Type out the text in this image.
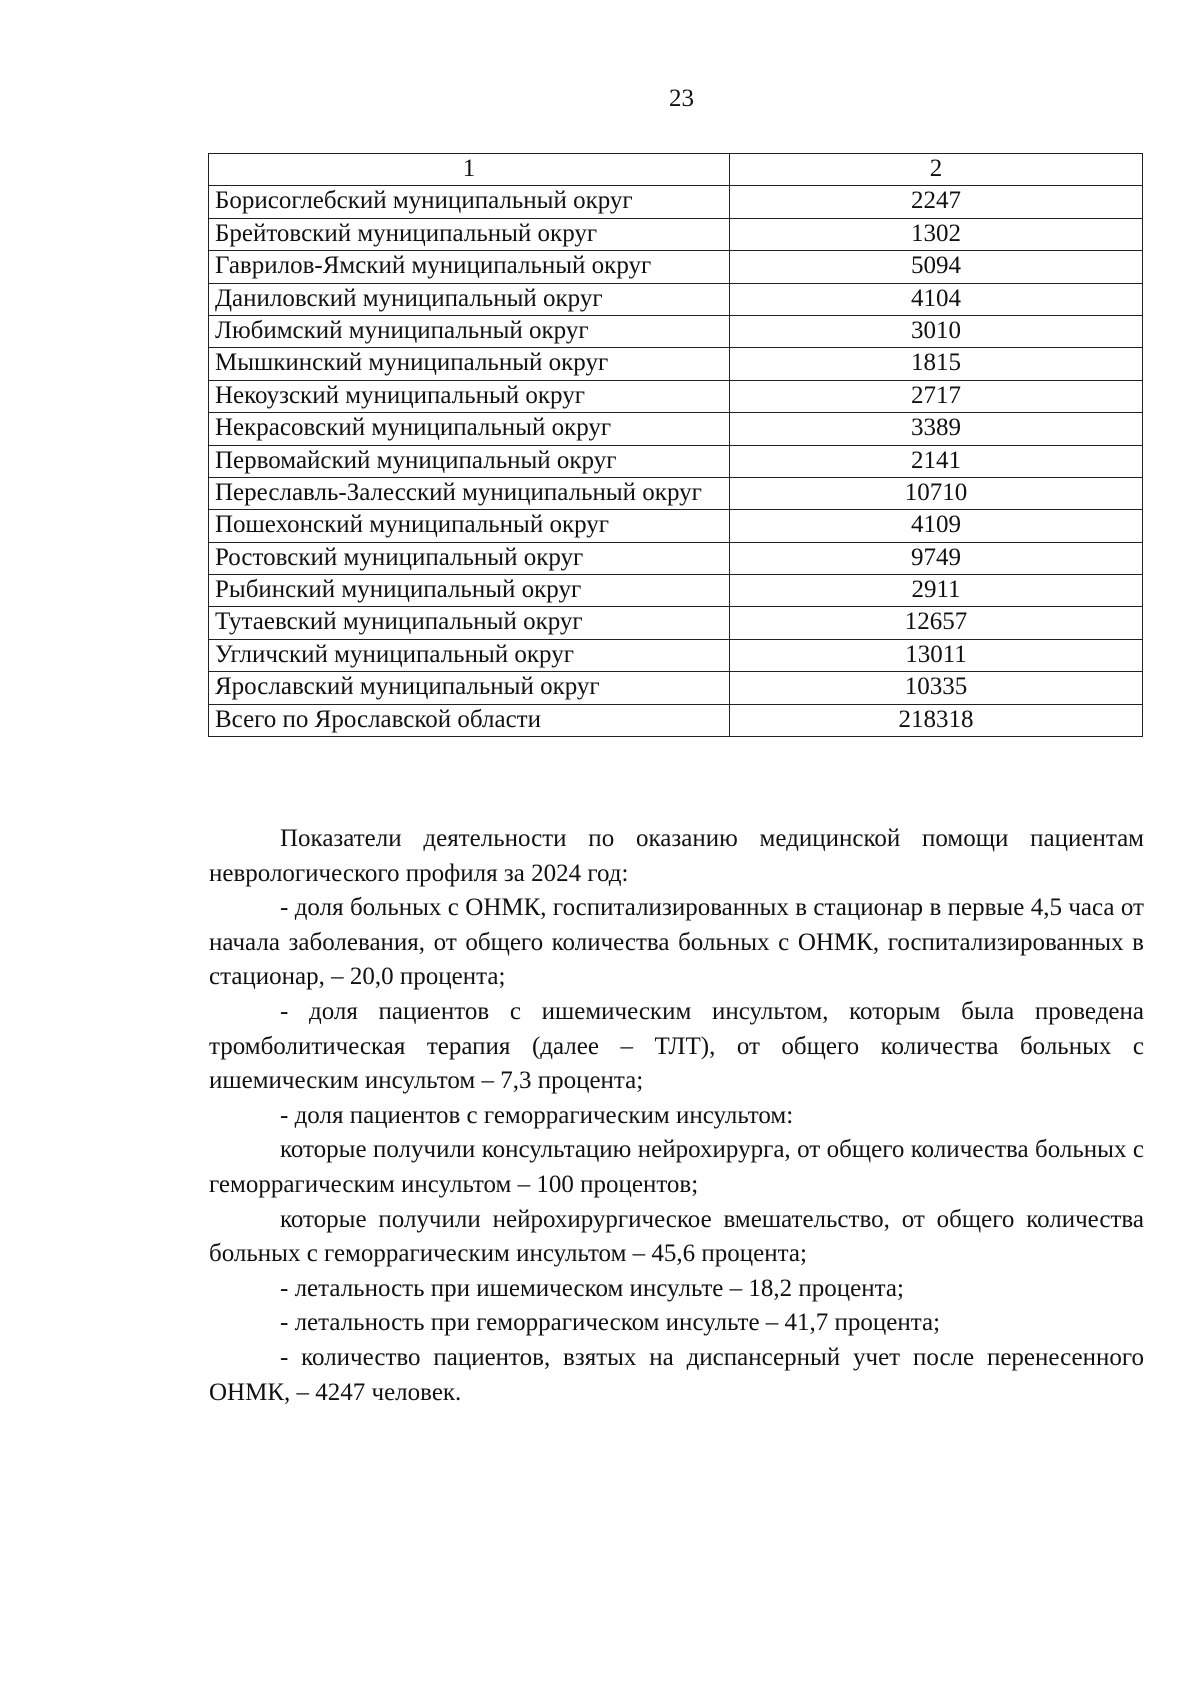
23
1	2
Борисоглебский муниципальный округ	2247
Брейтовский муниципальный округ	1302
Гаврилов-Ямский муниципальный округ	5094
Даниловский муниципальный округ	4104
Любимский муниципальный округ	3010
Мышкинский муниципальный округ	1815
Некоузский муниципальный округ	2717
Некрасовский муниципальный округ	3389
Первомайский муниципальный округ	2141
Переславль-Залесский муниципальный округ	10710
Пошехонский муниципальный округ	4109
Ростовский муниципальный округ	9749
Рыбинский муниципальный округ	2911
Тутаевский муниципальный округ	12657
Угличский муниципальный округ	13011
Ярославский муниципальный округ	10335
Всего по Ярославской области	218318

Показатели деятельности по оказанию медицинской помощи пациентам неврологического профиля за 2024 год:

- доля больных с ОНМК, госпитализированных в стационар в первые 4,5 часа от начала заболевания, от общего количества больных с ОНМК, госпитализированных в стационар, – 20,0 процента;

- доля пациентов с ишемическим инсультом, которым была проведена тромболитическая терапия (далее – ТЛТ), от общего количества больных с ишемическим инсультом – 7,3 процента;

- доля пациентов с геморрагическим инсультом:

которые получили консультацию нейрохирурга, от общего количества больных с геморрагическим инсультом – 100 процентов;

которые получили нейрохирургическое вмешательство, от общего количества больных с геморрагическим инсультом – 45,6 процента;

- летальность при ишемическом инсульте – 18,2 процента;

- летальность при геморрагическом инсульте – 41,7 процента;

- количество пациентов, взятых на диспансерный учет после перенесенного ОНМК, – 4247 человек.
